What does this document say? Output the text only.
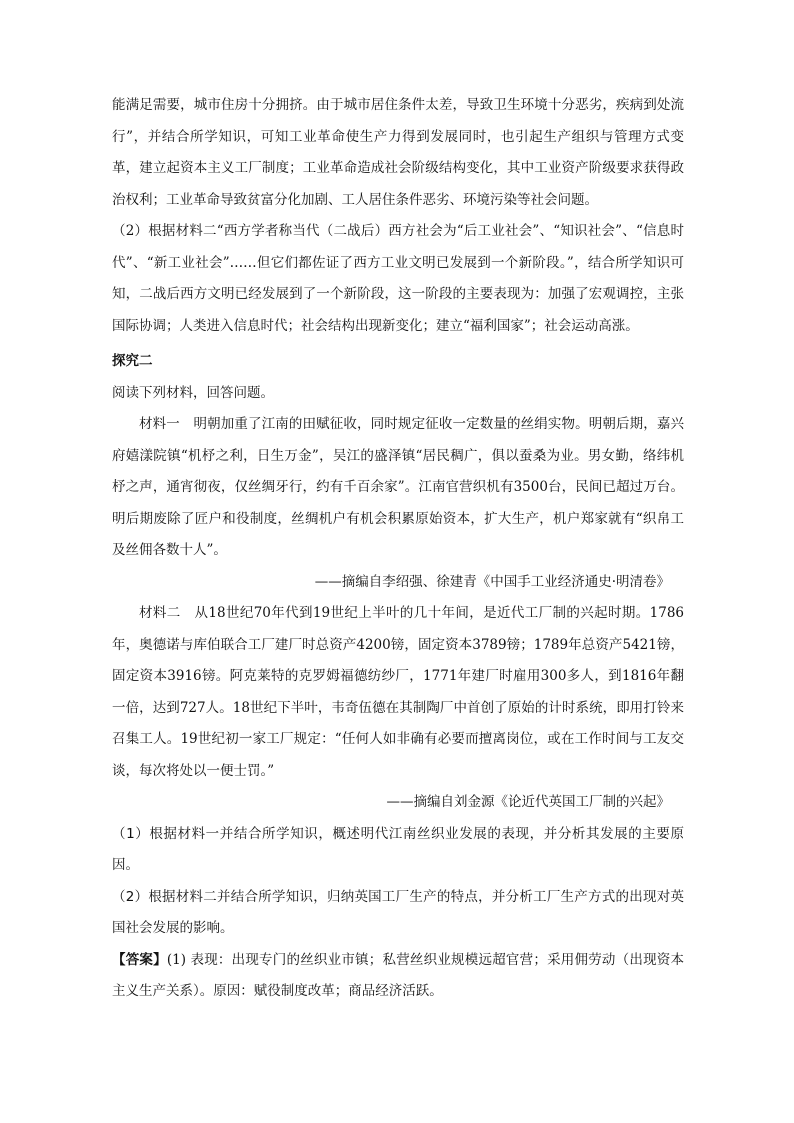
能满足需要，城市住房十分拥挤。由于城市居住条件太差，导致卫生环境十分恶劣，疾病到处流行”，并结合所学知识，可知工业革命使生产力得到发展同时，也引起生产组织与管理方式变革，建立起资本主义工厂制度；工业革命造成社会阶级结构变化，其中工业资产阶级要求获得政治权利；工业革命导致贫富分化加剧、工人居住条件恶劣、环境污染等社会问题。

（2）根据材料二“西方学者称当代（二战后）西方社会为“后工业社会”、“知识社会”、“信息时代”、“新工业社会”……但它们都佐证了西方工业文明已发展到一个新阶段。”，结合所学知识可知，二战后西方文明已经发展到了一个新阶段，这一阶段的主要表现为：加强了宏观调控，主张国际协调；人类进入信息时代；社会结构出现新变化；建立“福利国家”；社会运动高涨。

探究二

阅读下列材料，回答问题。

材料一　明朝加重了江南的田赋征收，同时规定征收一定数量的丝绢实物。明朝后期，嘉兴府嬉漾院镇“机杼之利，日生万金”，吴江的盛泽镇“居民稠广，俱以蚕桑为业。男女勤，络纬机杼之声，通宵彻夜，仅丝绸牙行，约有千百余家”。江南官营织机有3500台，民间已超过万台。明后期废除了匠户和役制度，丝绸机户有机会积累原始资本，扩大生产，机户郑家就有“织帛工及丝佣各数十人”。

——摘编自李绍强、徐建青《中国手工业经济通史·明清卷》

材料二　从18世纪70年代到19世纪上半叶的几十年间，是近代工厂制的兴起时期。1786年，奥德诺与库伯联合工厂建厂时总资产4200镑，固定资本3789镑；1789年总资产5421镑，固定资本3916镑。阿克莱特的克罗姆福德纺纱厂，1771年建厂时雇用300多人，到1816年翻一倍，达到727人。18世纪下半叶，韦奇伍德在其制陶厂中首创了原始的计时系统，即用打铃来召集工人。19世纪初一家工厂规定：“任何人如非确有必要而擅离岗位，或在工作时间与工友交谈，每次将处以一便士罚。”

——摘编自刘金源《论近代英国工厂制的兴起》

（1）根据材料一并结合所学知识，概述明代江南丝织业发展的表现，并分析其发展的主要原因。

（2）根据材料二并结合所学知识，归纳英国工厂生产的特点，并分析工厂生产方式的出现对英国社会发展的影响。

【答案】(1) 表现：出现专门的丝织业市镇；私营丝织业规模远超官营；采用佣劳动（出现资本主义生产关系）。原因：赋役制度改革；商品经济活跃。
